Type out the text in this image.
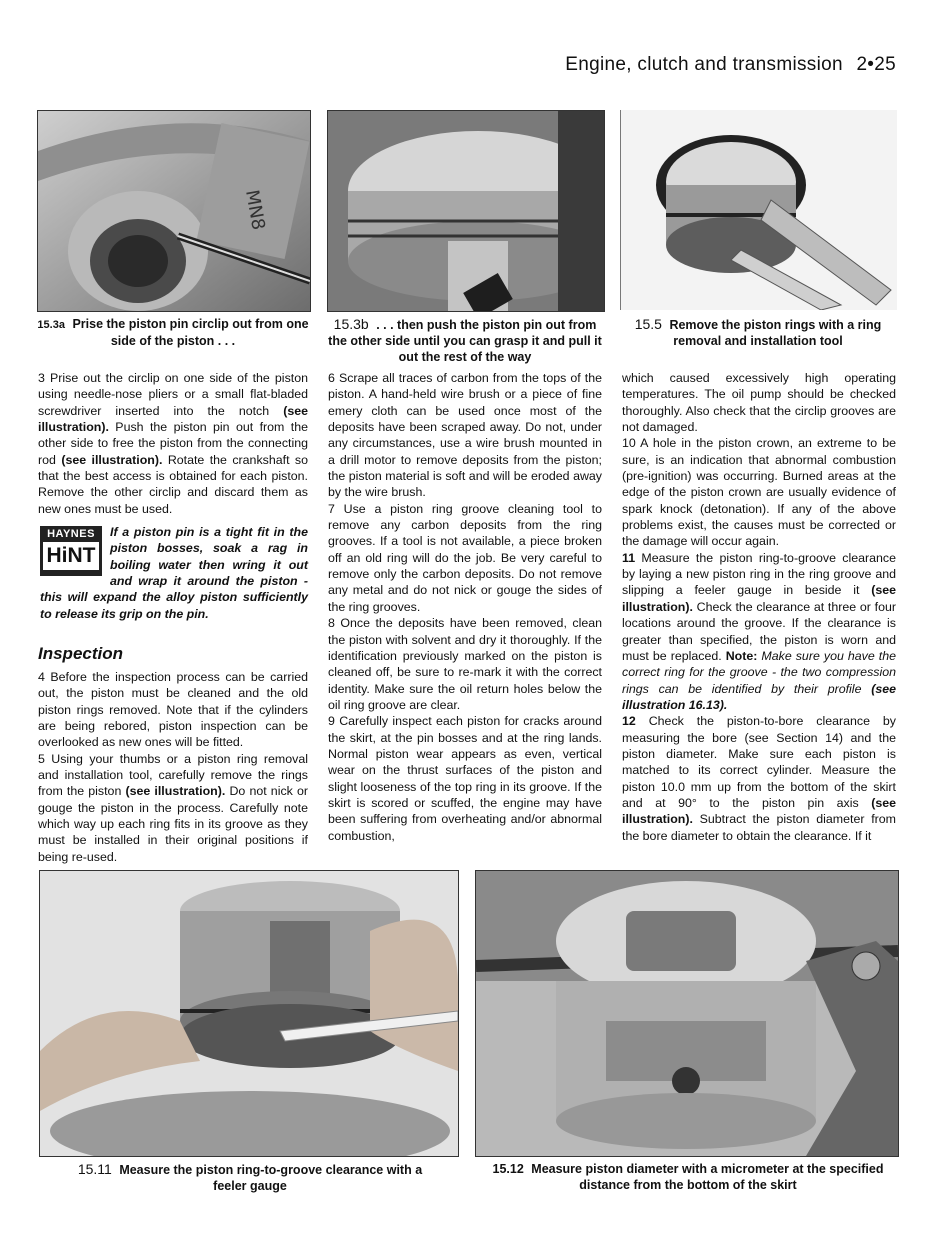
Engine, clutch and transmission 2•25
MN8
15.3a Prise the piston pin circlip out from one side of the piston . . .
15.3b . . . then push the piston pin out from the other side until you can grasp it and pull it out the rest of the way
15.5 Remove the piston rings with a ring removal and installation tool

3 Prise out the circlip on one side of the piston using needle-nose pliers or a small flat-bladed screwdriver inserted into the notch (see illustration). Push the piston pin out from the other side to free the piston from the connecting rod (see illustration). Rotate the crankshaft so that the best access is obtained for each piston. Remove the other circlip and discard them as new ones must be used.

HAYNES
HiNT
If a piston pin is a tight fit in the piston bosses, soak a rag in boiling water then wring it out and wrap it around the piston - this will expand the alloy piston sufficiently to release its grip on the pin.
Inspection

4 Before the inspection process can be carried out, the piston must be cleaned and the old piston rings removed. Note that if the cylinders are being rebored, piston inspection can be overlooked as new ones will be fitted.

5 Using your thumbs or a piston ring removal and installation tool, carefully remove the rings from the piston (see illustration). Do not nick or gouge the piston in the process. Carefully note which way up each ring fits in its groove as they must be installed in their original positions if being re-used.

6 Scrape all traces of carbon from the tops of the piston. A hand-held wire brush or a piece of fine emery cloth can be used once most of the deposits have been scraped away. Do not, under any circumstances, use a wire brush mounted in a drill motor to remove deposits from the piston; the piston material is soft and will be eroded away by the wire brush.

7 Use a piston ring groove cleaning tool to remove any carbon deposits from the ring grooves. If a tool is not available, a piece broken off an old ring will do the job. Be very careful to remove only the carbon deposits. Do not remove any metal and do not nick or gouge the sides of the ring grooves.

8 Once the deposits have been removed, clean the piston with solvent and dry it thoroughly. If the identification previously marked on the piston is cleaned off, be sure to re-mark it with the correct identity. Make sure the oil return holes below the oil ring groove are clear.

9 Carefully inspect each piston for cracks around the skirt, at the pin bosses and at the ring lands. Normal piston wear appears as even, vertical wear on the thrust surfaces of the piston and slight looseness of the top ring in its groove. If the skirt is scored or scuffed, the engine may have been suffering from overheating and/or abnormal combustion,

which caused excessively high operating temperatures. The oil pump should be checked thoroughly. Also check that the circlip grooves are not damaged.

10 A hole in the piston crown, an extreme to be sure, is an indication that abnormal combustion (pre-ignition) was occurring. Burned areas at the edge of the piston crown are usually evidence of spark knock (detonation). If any of the above problems exist, the causes must be corrected or the damage will occur again.

11 Measure the piston ring-to-groove clearance by laying a new piston ring in the ring groove and slipping a feeler gauge in beside it (see illustration). Check the clearance at three or four locations around the groove. If the clearance is greater than specified, the piston is worn and must be replaced. Note: Make sure you have the correct ring for the groove - the two compression rings can be identified by their profile (see illustration 16.13).

12 Check the piston-to-bore clearance by measuring the bore (see Section 14) and the piston diameter. Make sure each piston is matched to its correct cylinder. Measure the piston 10.0 mm up from the bottom of the skirt and at 90° to the piston pin axis (see illustration). Subtract the piston diameter from the bore diameter to obtain the clearance. If it

15.11 Measure the piston ring-to-groove clearance with a feeler gauge
15.12 Measure piston diameter with a micrometer at the specified distance from the bottom of the skirt
